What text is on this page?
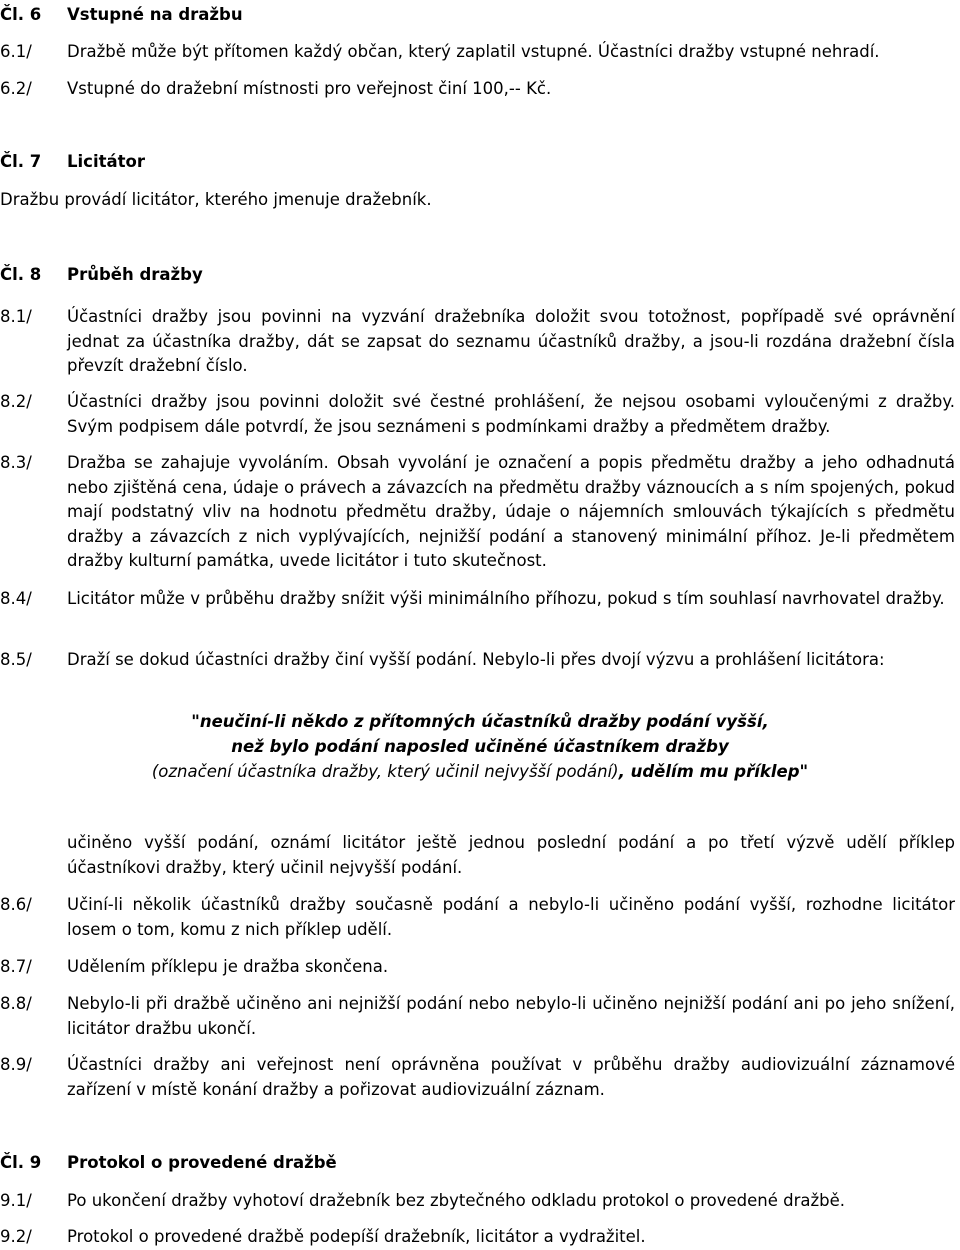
Čl. 6 Vstupné na dražbu
6.1/ Dražbě může být přítomen každý občan, který zaplatil vstupné. Účastníci dražby vstupné nehradí.
6.2/ Vstupné do dražební místnosti pro veřejnost činí 100,-- Kč.
Čl. 7 Licitátor
Dražbu provádí licitátor, kterého jmenuje dražebník.
Čl. 8 Průběh dražby
8.1/ Účastníci dražby jsou povinni na vyzvání dražebníka doložit svou totožnost, popřípadě své oprávnění jednat za účastníka dražby, dát se zapsat do seznamu účastníků dražby, a jsou-li rozdána dražební čísla převzít dražební číslo.
8.2/ Účastníci dražby jsou povinni doložit své čestné prohlášení, že nejsou osobami vyloučenými z dražby. Svým podpisem dále potvrdí, že jsou seznámeni s podmínkami dražby a předmětem dražby.
8.3/ Dražba se zahajuje vyvoláním. Obsah vyvolání je označení a popis předmětu dražby a jeho odhadnutá nebo zjištěná cena, údaje o právech a závazcích na předmětu dražby váznoucích a s ním spojených, pokud mají podstatný vliv na hodnotu předmětu dražby, údaje o nájemních smlouvách týkajících s předmětu dražby a závazcích z nich vyplývajících, nejnižší podání a stanovený minimální příhoz. Je-li předmětem dražby kulturní památka, uvede licitátor i tuto skutečnost.
8.4/ Licitátor může v průběhu dražby snížit výši minimálního příhozu, pokud s tím souhlasí navrhovatel dražby.
8.5/ Draží se dokud účastníci dražby činí vyšší podání. Nebylo-li přes dvojí výzvu a prohlášení licitátora:
"neučiní-li někdo z přítomných účastníků dražby podání vyšší,
než bylo podání naposled učiněné účastníkem dražby
(označení účastníka dražby, který učinil nejvyšší podání), udělím mu příklep"
učiněno vyšší podání, oznámí licitátor ještě jednou poslední podání a po třetí výzvě udělí příklep účastníkovi dražby, který učinil nejvyšší podání.
8.6/ Učiní-li několik účastníků dražby současně podání a nebylo-li učiněno podání vyšší, rozhodne licitátor losem o tom, komu z nich příklep udělí.
8.7/ Udělením příklepu je dražba skončena.
8.8/ Nebylo-li při dražbě učiněno ani nejnižší podání nebo nebylo-li učiněno nejnižší podání ani po jeho snížení, licitátor dražbu ukončí.
8.9/ Účastníci dražby ani veřejnost není oprávněna používat v průběhu dražby audiovizuální záznamové zařízení v místě konání dražby a pořizovat audiovizuální záznam.
Čl. 9 Protokol o provedené dražbě
9.1/ Po ukončení dražby vyhotoví dražebník bez zbytečného odkladu protokol o provedené dražbě.
9.2/ Protokol o provedené dražbě podepíší dražebník, licitátor a vydražitel.
